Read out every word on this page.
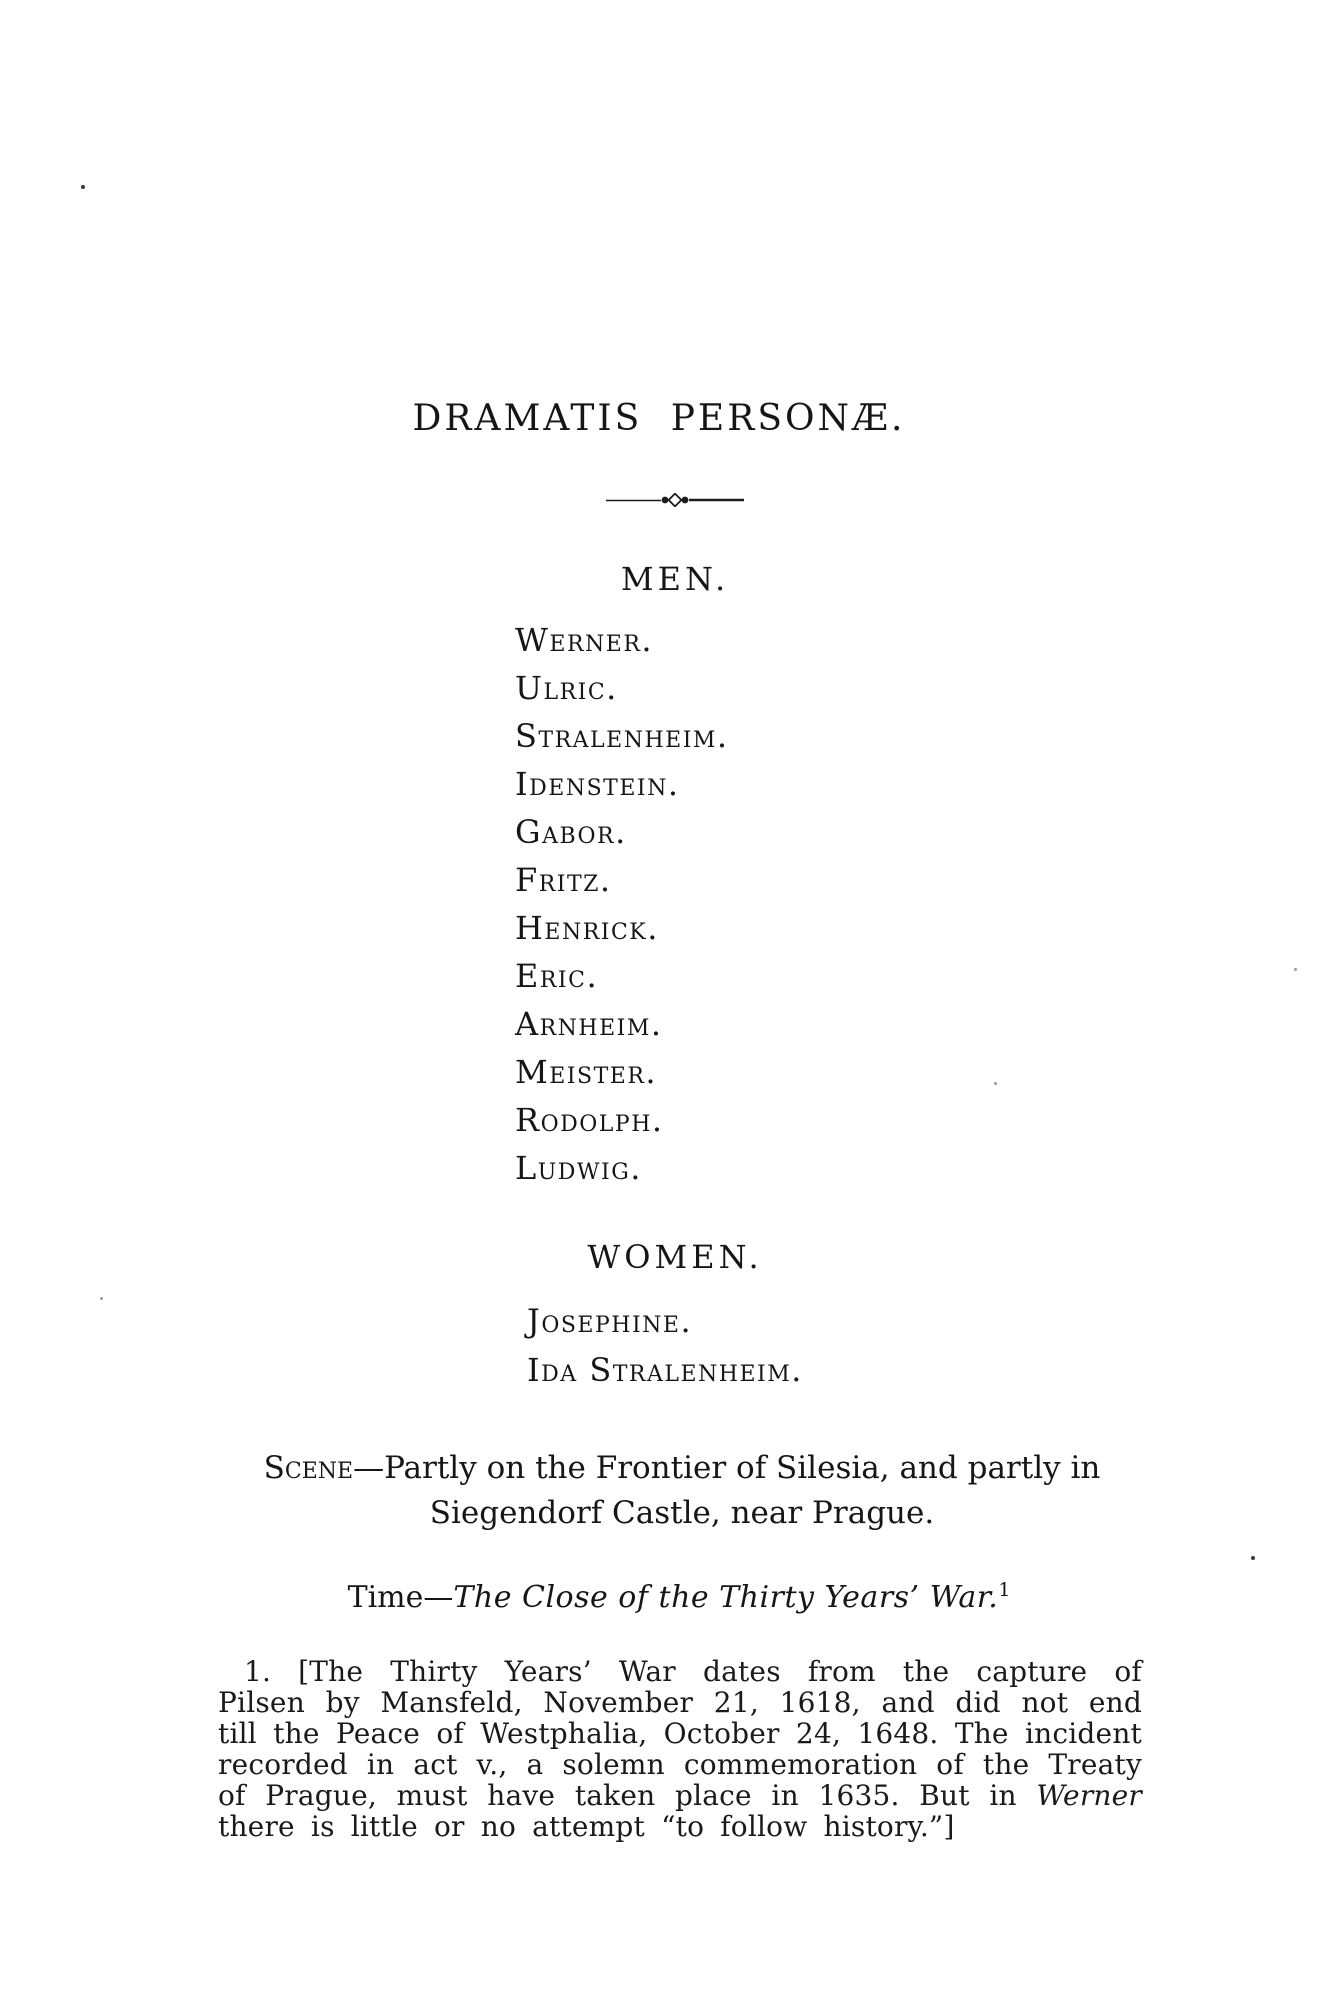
DRAMATIS PERSONÆ.
MEN.
Werner.
Ulric.
Stralenheim.
Idenstein.
Gabor.
Fritz.
Henrick.
Eric.
Arnheim.
Meister.
Rodolph.
Ludwig.
WOMEN.
Josephine.
Ida Stralenheim.
Scene—Partly on the Frontier of Silesia, and partly in
Siegendorf Castle, near Prague.
Time—The Close of the Thirty Years’ War.$^1$

1. [The Thirty Years’ War dates from the capture of Pilsen by Mansfeld, November 21, 1618, and did not end till the Peace of Westphalia, October 24, 1648. The incident recorded in act v., a solemn commemoration of the Treaty of Prague, must have taken place in 1635. But in Werner there is little or no attempt “to follow history.”]
